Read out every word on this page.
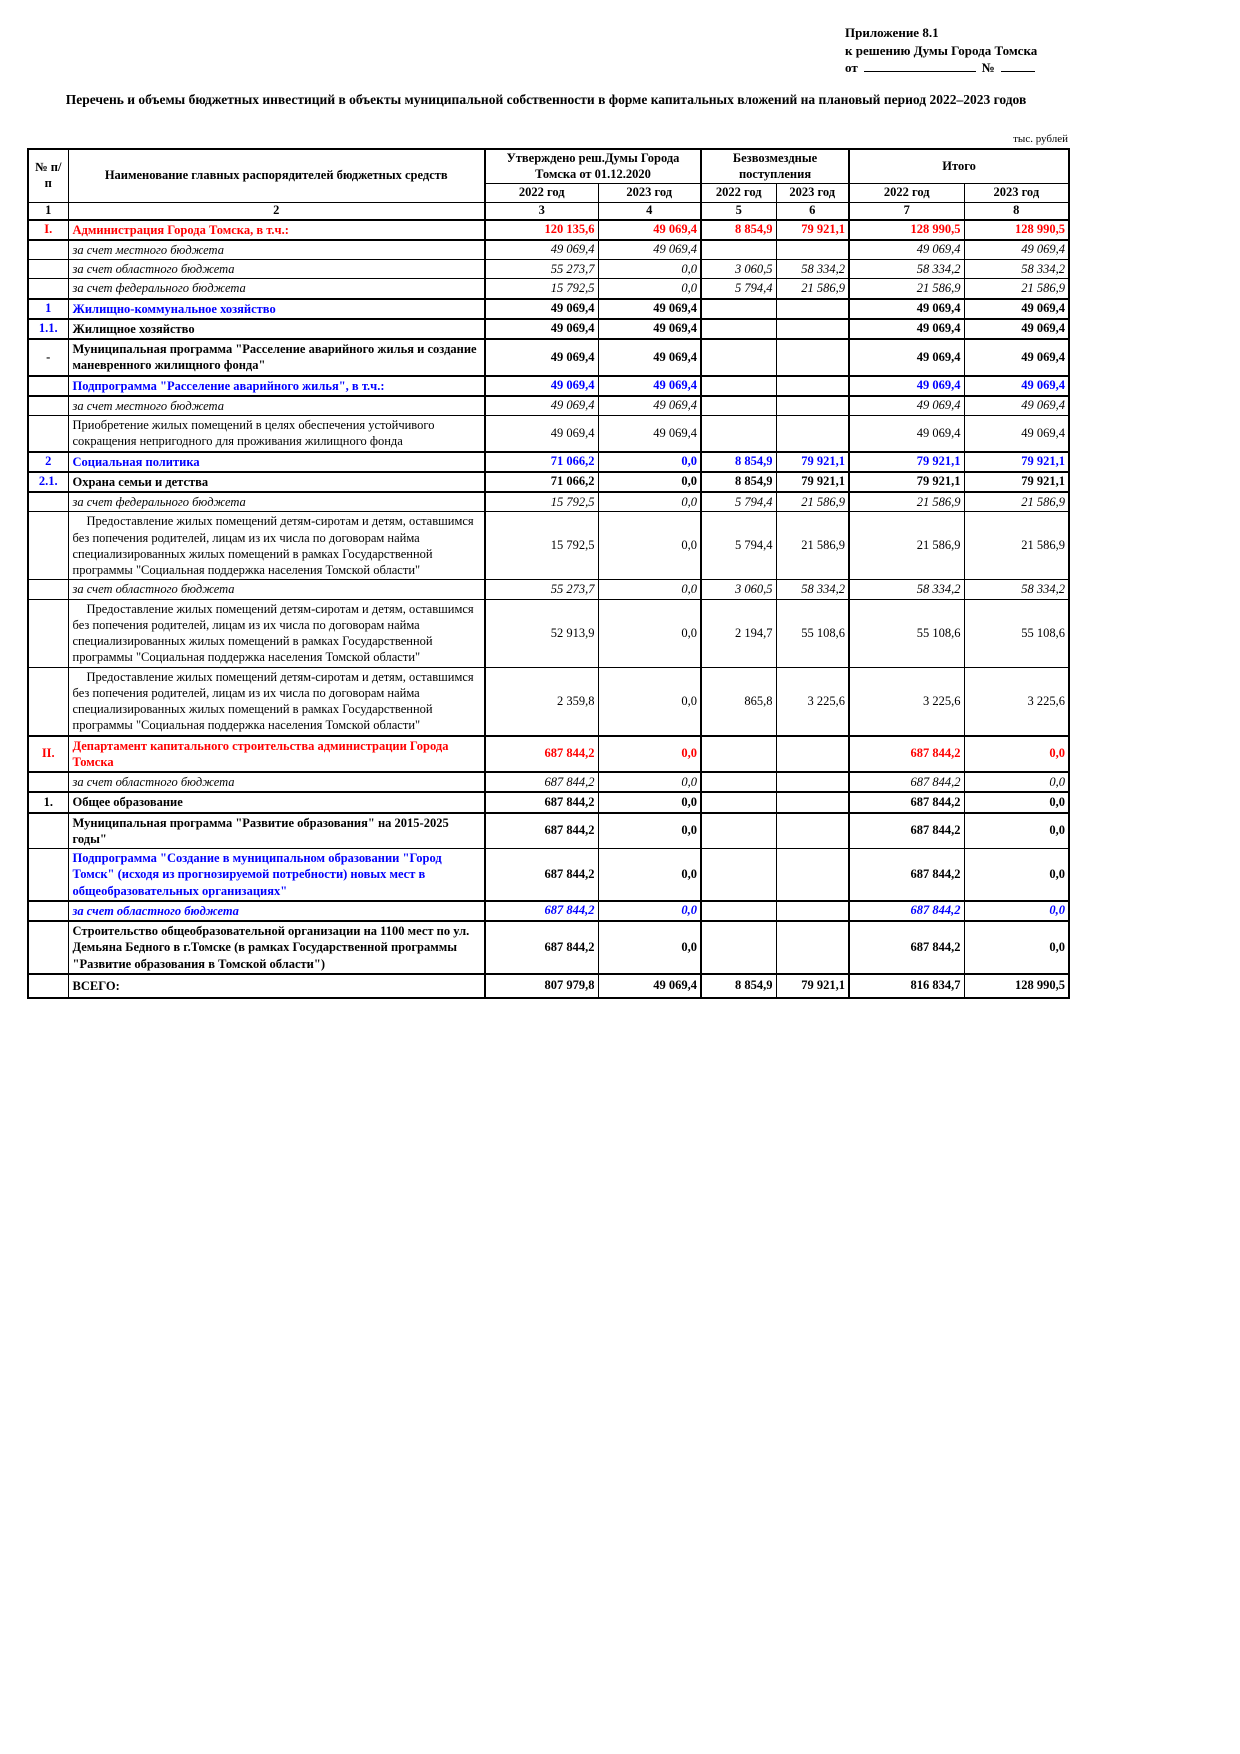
Приложение 8.1
к решению Думы Города Томска
от	№
Перечень и объемы бюджетных инвестиций в объекты муниципальной собственности в форме капитальных вложений на плановый период 2022–2023 годов
тыс. рублей
№ п/п	Наименование главных распорядителей бюджетных средств	Утверждено реш.Думы Города Томска от 01.12.2020		Безвозмездные поступления		Итого	
		2022 год	2023 год	2022 год	2023 год	2022 год	2023 год
1	2	3	4	5	6	7	8
I.	Администрация Города Томска, в т.ч.:	120 135,6	49 069,4	8 854,9	79 921,1	128 990,5	128 990,5
	за счет местного бюджета	49 069,4	49 069,4			49 069,4	49 069,4
	за счет областного бюджета	55 273,7	0,0	3 060,5	58 334,2	58 334,2	58 334,2
	за счет федерального бюджета	15 792,5	0,0	5 794,4	21 586,9	21 586,9	21 586,9
1	Жилищно-коммунальное хозяйство	49 069,4	49 069,4			49 069,4	49 069,4
1.1.	Жилищное хозяйство	49 069,4	49 069,4			49 069,4	49 069,4
-	Муниципальная программа "Расселение аварийного жилья и создание маневренного жилищного фонда"	49 069,4	49 069,4			49 069,4	49 069,4
	Подпрограмма "Расселение аварийного жилья", в т.ч.:	49 069,4	49 069,4			49 069,4	49 069,4
	за счет местного бюджета	49 069,4	49 069,4			49 069,4	49 069,4
	Приобретение жилых помещений в целях обеспечения устойчивого сокращения непригодного для проживания жилищного фонда	49 069,4	49 069,4			49 069,4	49 069,4
2	Социальная политика	71 066,2	0,0	8 854,9	79 921,1	79 921,1	79 921,1
2.1.	Охрана семьи и детства	71 066,2	0,0	8 854,9	79 921,1	79 921,1	79 921,1
	за счет федерального бюджета	15 792,5	0,0	5 794,4	21 586,9	21 586,9	21 586,9
	Предоставление жилых помещений детям-сиротам и детям, оставшимся без попечения родителей, лицам из их числа по договорам найма специализированных жилых помещений в рамках Государственной программы "Социальная поддержка населения Томской области"	15 792,5	0,0	5 794,4	21 586,9	21 586,9	21 586,9
	за счет областного бюджета	55 273,7	0,0	3 060,5	58 334,2	58 334,2	58 334,2
	Предоставление жилых помещений детям-сиротам и детям, оставшимся без попечения родителей, лицам из их числа по договорам найма специализированных жилых помещений в рамках Государственной программы "Социальная поддержка населения Томской области"	52 913,9	0,0	2 194,7	55 108,6	55 108,6	55 108,6
	Предоставление жилых помещений детям-сиротам и детям, оставшимся без попечения родителей, лицам из их числа по договорам найма специализированных жилых помещений в рамках Государственной программы "Социальная поддержка населения Томской области"	2 359,8	0,0	865,8	3 225,6	3 225,6	3 225,6
II.	Департамент капитального строительства администрации Города Томска	687 844,2	0,0			687 844,2	0,0
	за счет областного бюджета	687 844,2	0,0			687 844,2	0,0
1.	Общее образование	687 844,2	0,0			687 844,2	0,0
	Муниципальная программа "Развитие образования" на 2015-2025 годы"	687 844,2	0,0			687 844,2	0,0
	Подпрограмма "Создание в муниципальном образовании "Город Томск" (исходя из прогнозируемой потребности) новых мест в общеобразовательных организациях"	687 844,2	0,0			687 844,2	0,0
	за счет областного бюджета	687 844,2	0,0			687 844,2	0,0
	Строительство общеобразовательной организации на 1100 мест по ул. Демьяна Бедного в г.Томске (в рамках Государственной программы "Развитие образования в Томской области")	687 844,2	0,0			687 844,2	0,0
	ВСЕГО:	807 979,8	49 069,4	8 854,9	79 921,1	816 834,7	128 990,5
